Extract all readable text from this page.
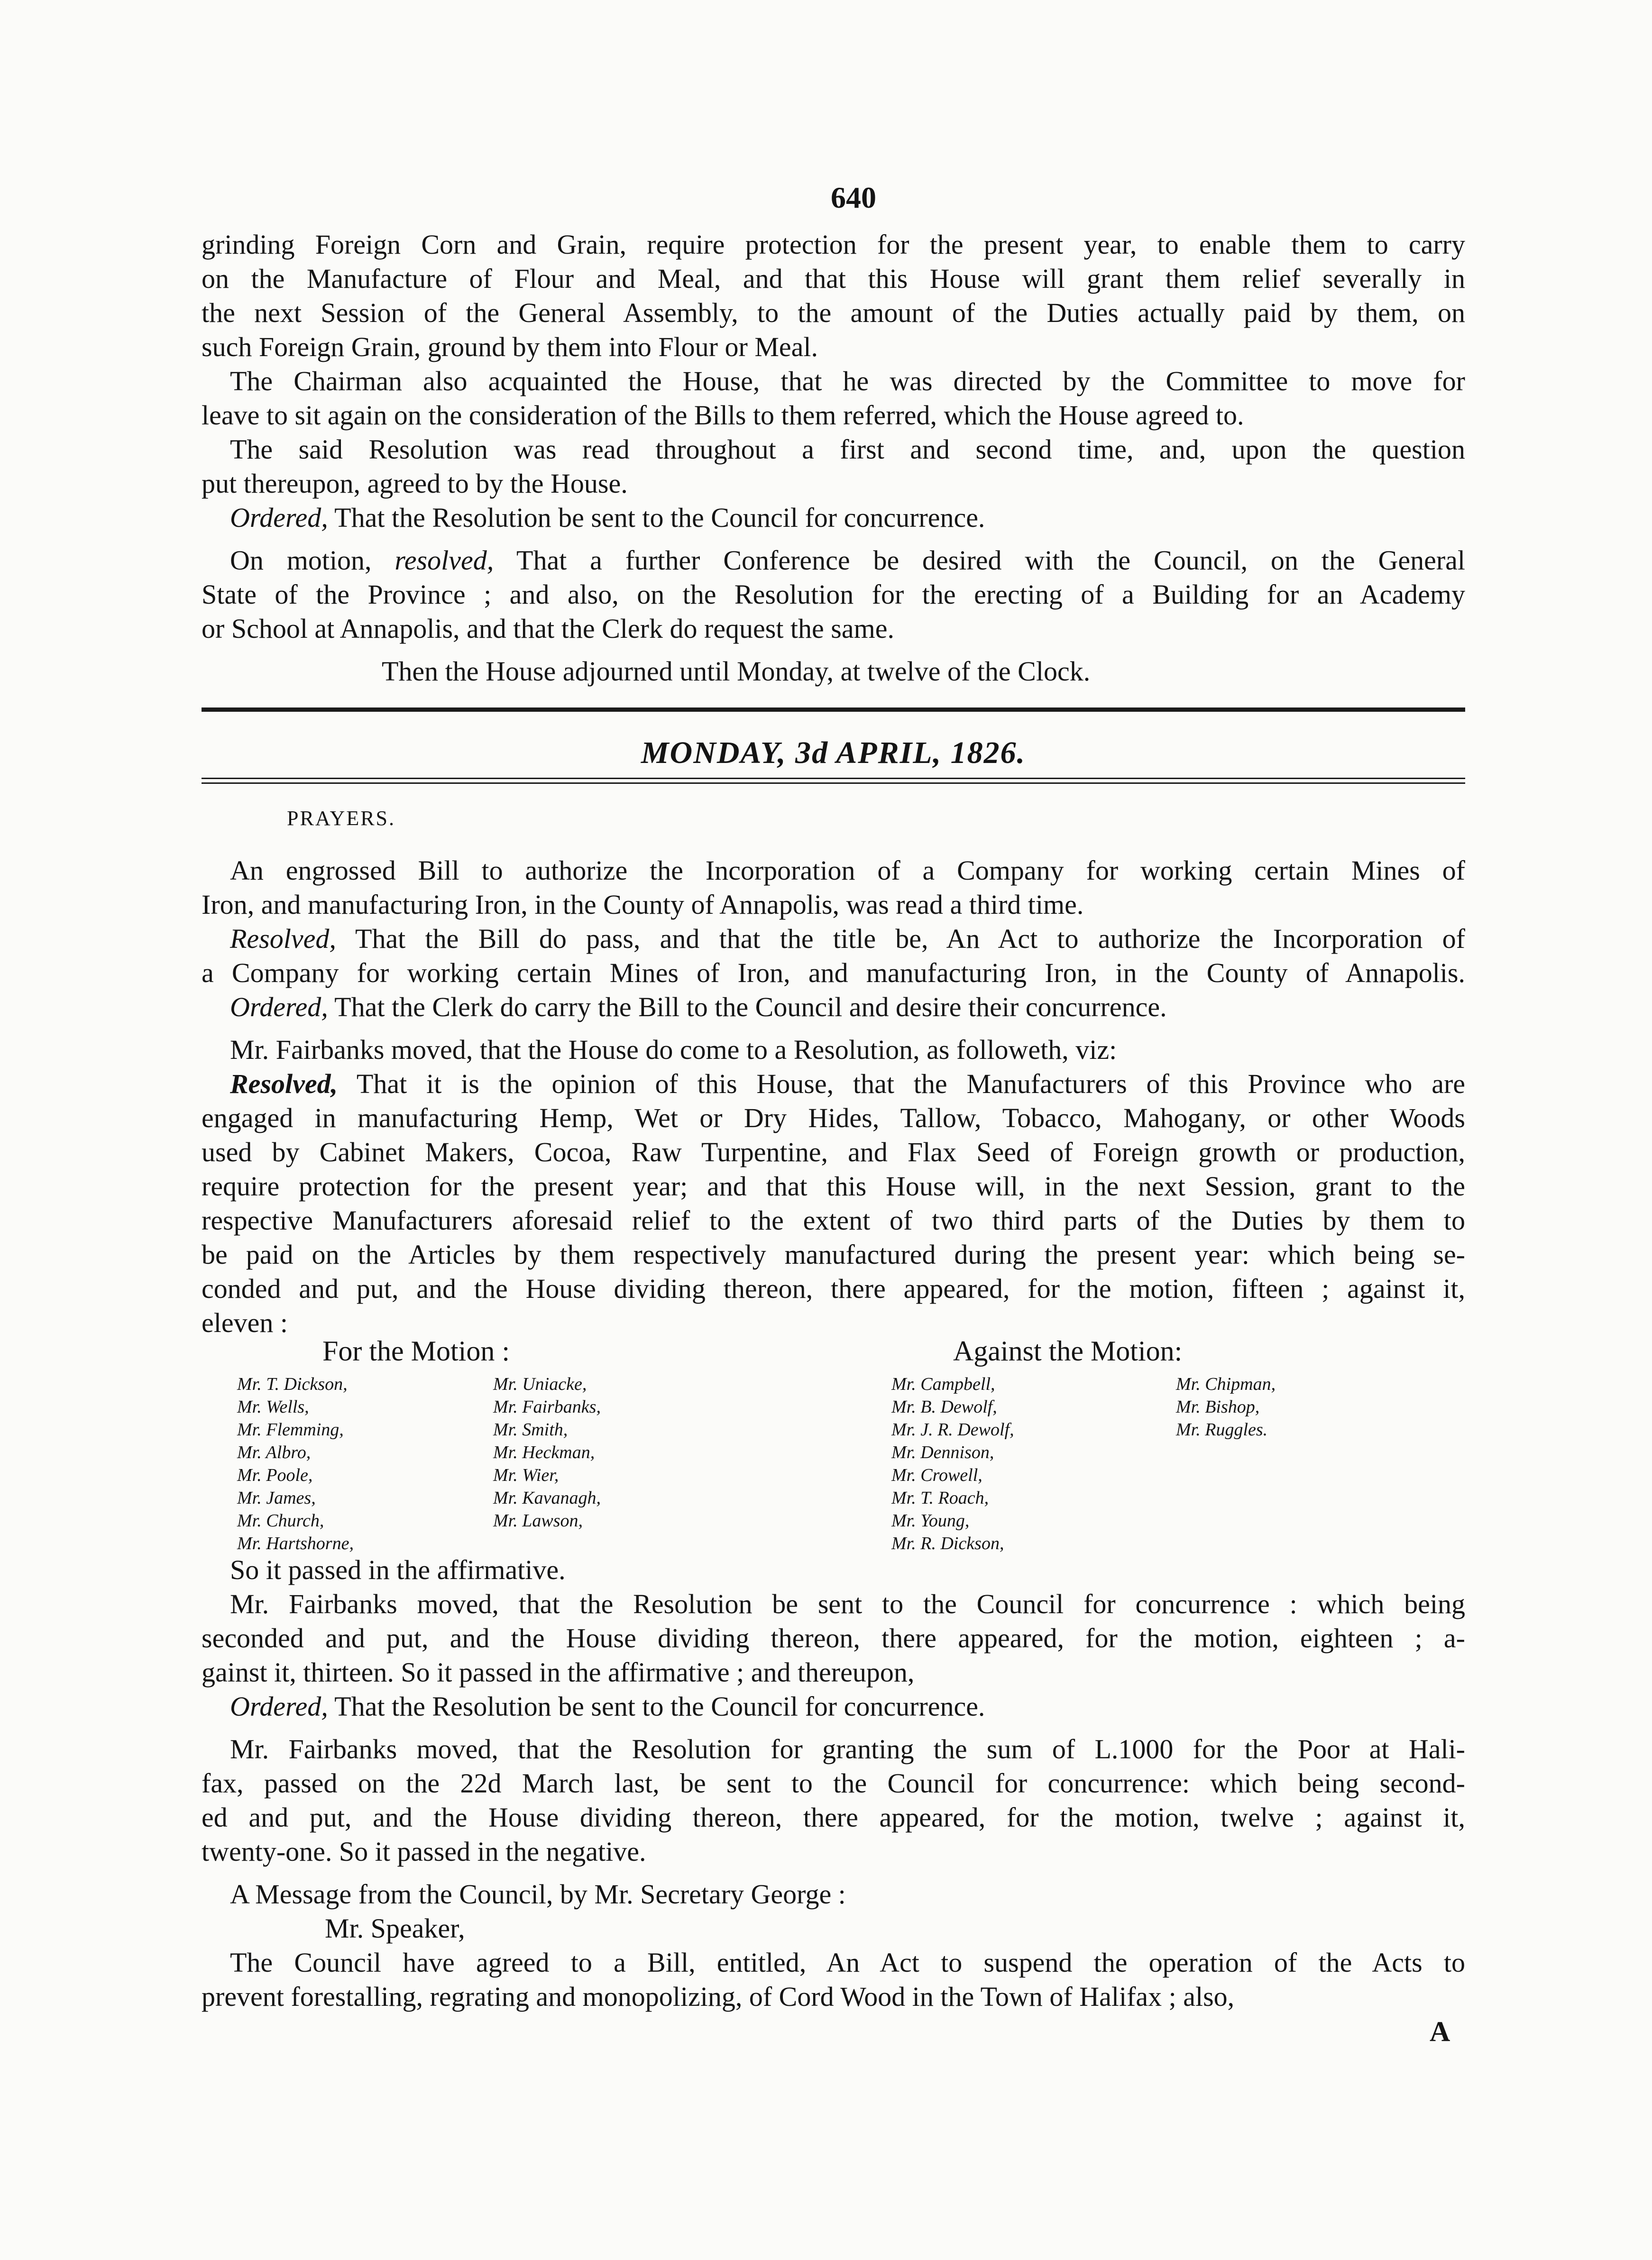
640
grinding Foreign Corn and Grain, require protection for the present year, to enable them to carry
on the Manufacture of Flour and Meal, and that this House will grant them relief severally in
the next Session of the General Assembly, to the amount of the Duties actually paid by them, on
such Foreign Grain, ground by them into Flour or Meal.
The Chairman also acquainted the House, that he was directed by the Committee to move for
leave to sit again on the consideration of the Bills to them referred, which the House agreed to.
The said Resolution was read throughout a first and second time, and, upon the question
put thereupon, agreed to by the House.
Ordered, That the Resolution be sent to the Council for concurrence.
On motion, resolved, That a further Conference be desired with the Council, on the General
State of the Province ; and also, on the Resolution for the erecting of a Building for an Academy
or School at Annapolis, and that the Clerk do request the same.
Then the House adjourned until Monday, at twelve of the Clock.
MONDAY, 3d APRIL, 1826.
PRAYERS.
An engrossed Bill to authorize the Incorporation of a Company for working certain Mines of
Iron, and manufacturing Iron, in the County of Annapolis, was read a third time.
Resolved, That the Bill do pass, and that the title be, An Act to authorize the Incorporation of
a Company for working certain Mines of Iron, and manufacturing Iron, in the County of Annapolis.
Ordered, That the Clerk do carry the Bill to the Council and desire their concurrence.
Mr. Fairbanks moved, that the House do come to a Resolution, as followeth, viz:
Resolved, That it is the opinion of this House, that the Manufacturers of this Province who are
engaged in manufacturing Hemp, Wet or Dry Hides, Tallow, Tobacco, Mahogany, or other Woods
used by Cabinet Makers, Cocoa, Raw Turpentine, and Flax Seed of Foreign growth or production,
require protection for the present year; and that this House will, in the next Session, grant to the
respective Manufacturers aforesaid relief to the extent of two third parts of the Duties by them to
be paid on the Articles by them respectively manufactured during the present year: which being se-
conded and put, and the House dividing thereon, there appeared, for the motion, fifteen ; against it,
eleven :
For the Motion :	Against the Motion:
Mr. T. Dickson,
Mr. Wells,
Mr. Flemming,
Mr. Albro,
Mr. Poole,
Mr. James,
Mr. Church,
Mr. Hartshorne,
Mr. Uniacke,
Mr. Fairbanks,
Mr. Smith,
Mr. Heckman,
Mr. Wier,
Mr. Kavanagh,
Mr. Lawson,
Mr. Campbell,
Mr. B. Dewolf,
Mr. J. R. Dewolf,
Mr. Dennison,
Mr. Crowell,
Mr. T. Roach,
Mr. Young,
Mr. R. Dickson,
Mr. Chipman,
Mr. Bishop,
Mr. Ruggles.
So it passed in the affirmative.
Mr. Fairbanks moved, that the Resolution be sent to the Council for concurrence : which being
seconded and put, and the House dividing thereon, there appeared, for the motion, eighteen ; a-
gainst it, thirteen. So it passed in the affirmative ; and thereupon,
Ordered, That the Resolution be sent to the Council for concurrence.
Mr. Fairbanks moved, that the Resolution for granting the sum of L.1000 for the Poor at Hali-
fax, passed on the 22d March last, be sent to the Council for concurrence: which being second-
ed and put, and the House dividing thereon, there appeared, for the motion, twelve ; against it,
twenty-one. So it passed in the negative.
A Message from the Council, by Mr. Secretary George :
Mr. Speaker,
The Council have agreed to a Bill, entitled, An Act to suspend the operation of the Acts to
prevent forestalling, regrating and monopolizing, of Cord Wood in the Town of Halifax ; also,
A
